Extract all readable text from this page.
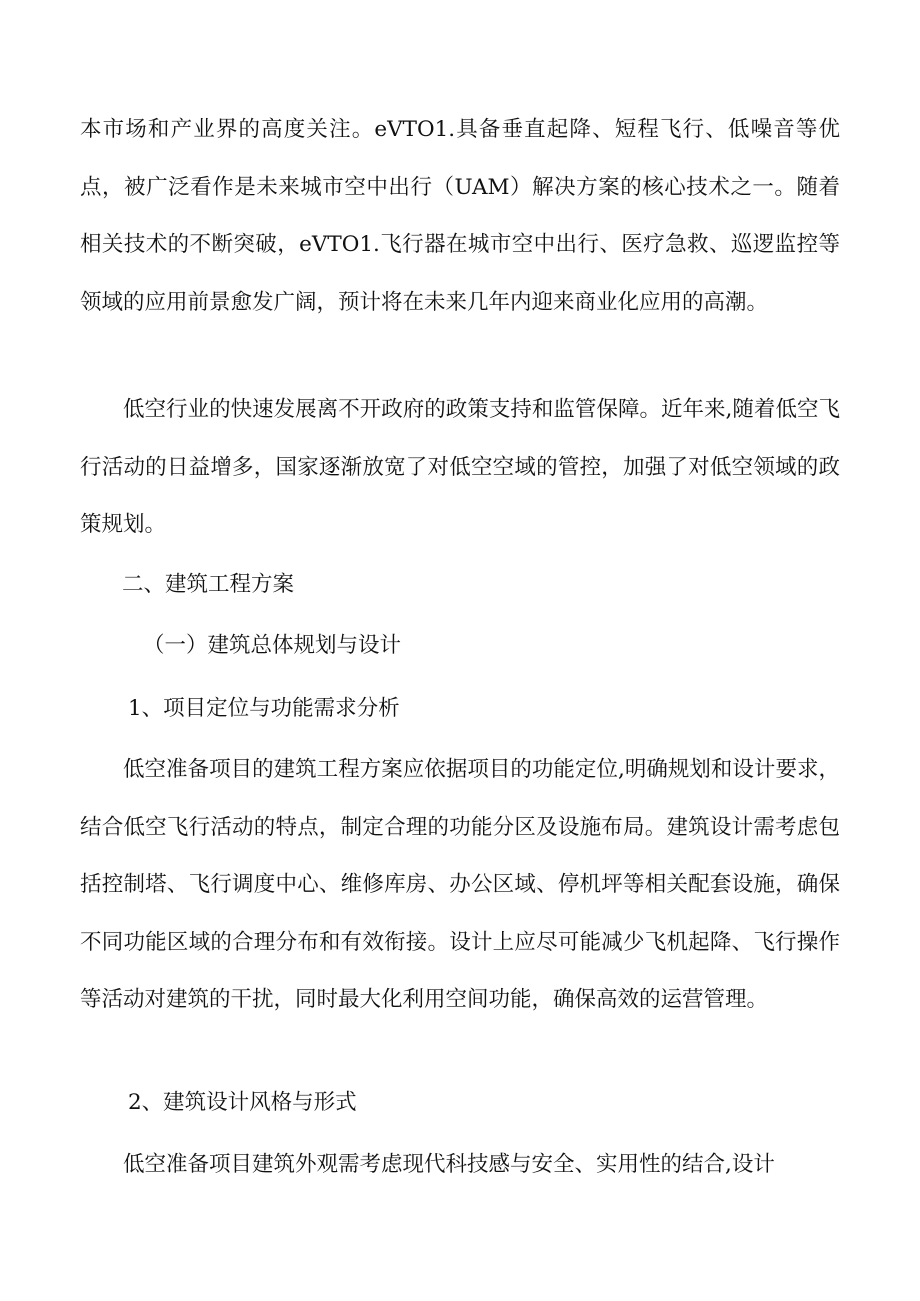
本市场和产业界的高度关注。eVTO1.具备垂直起降、短程飞行、低噪音等优点，被广泛看作是未来城市空中出行（UAM）解决方案的核心技术之一。随着相关技术的不断突破，eVTO1.飞行器在城市空中出行、医疗急救、巡逻监控等领域的应用前景愈发广阔，预计将在未来几年内迎来商业化应用的高潮。

低空行业的快速发展离不开政府的政策支持和监管保障。近年来,随着低空飞行活动的日益增多，国家逐渐放宽了对低空空域的管控，加强了对低空领域的政策规划。

二、建筑工程方案
（一）建筑总体规划与设计
1、项目定位与功能需求分析

低空准备项目的建筑工程方案应依据项目的功能定位,明确规划和设计要求，结合低空飞行活动的特点，制定合理的功能分区及设施布局。建筑设计需考虑包括控制塔、飞行调度中心、维修库房、办公区域、停机坪等相关配套设施，确保不同功能区域的合理分布和有效衔接。设计上应尽可能减少飞机起降、飞行操作等活动对建筑的干扰，同时最大化利用空间功能，确保高效的运营管理。

2、建筑设计风格与形式

低空准备项目建筑外观需考虑现代科技感与安全、实用性的结合,设计
